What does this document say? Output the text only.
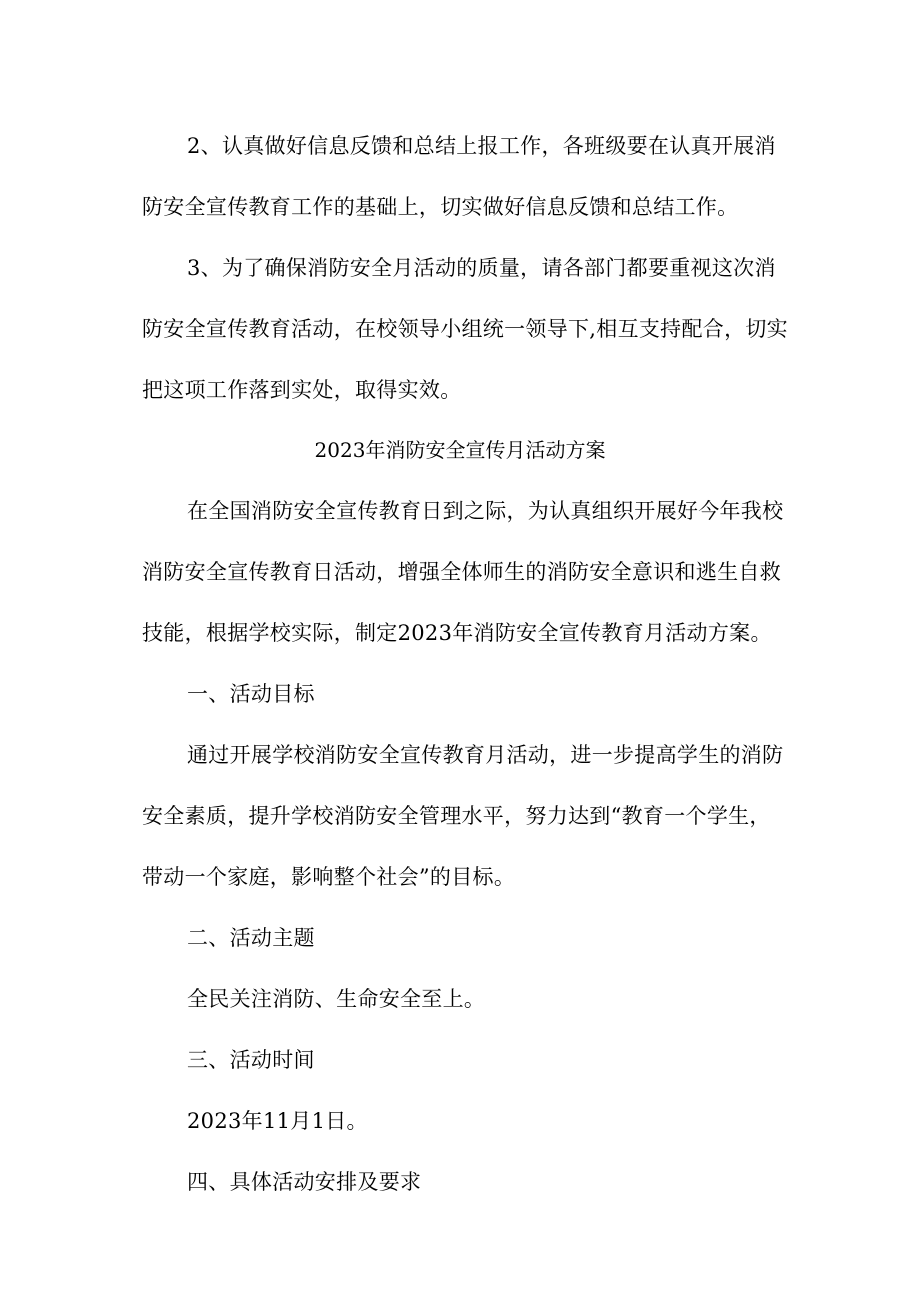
2、认真做好信息反馈和总结上报工作，各班级要在认真开展消
防安全宣传教育工作的基础上，切实做好信息反馈和总结工作。
3、为了确保消防安全月活动的质量，请各部门都要重视这次消
防安全宣传教育活动，在校领导小组统一领导下,相互支持配合，切实
把这项工作落到实处，取得实效。
2023年消防安全宣传月活动方案
在全国消防安全宣传教育日到之际，为认真组织开展好今年我校
消防安全宣传教育日活动，增强全体师生的消防安全意识和逃生自救
技能，根据学校实际，制定2023年消防安全宣传教育月活动方案。
一、活动目标
通过开展学校消防安全宣传教育月活动，进一步提高学生的消防
安全素质，提升学校消防安全管理水平，努力达到“教育一个学生，
带动一个家庭，影响整个社会”的目标。
二、活动主题
全民关注消防、生命安全至上。
三、活动时间
2023年11月1日。
四、具体活动安排及要求
